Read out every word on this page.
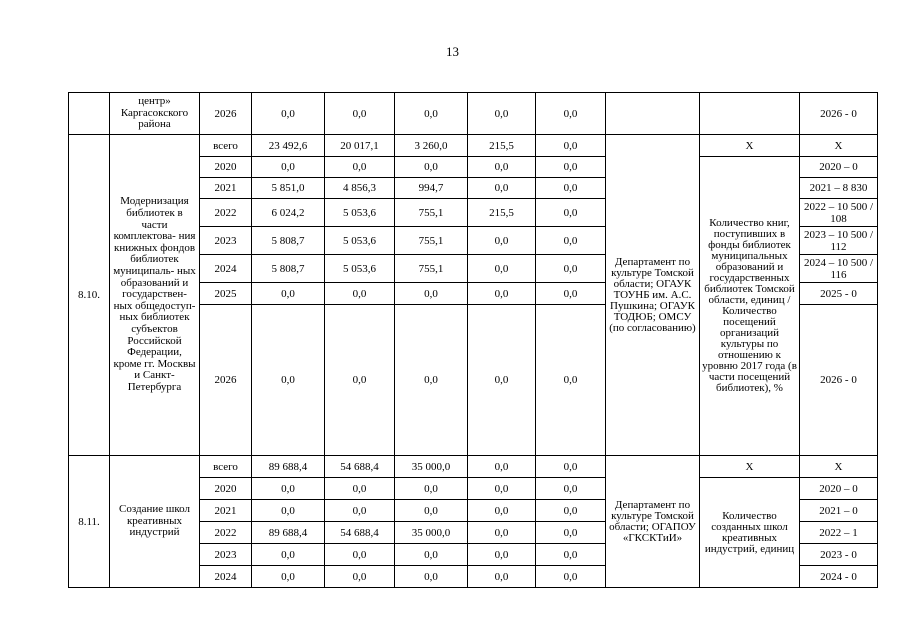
13
	центр» Каргасокского района	2026	0,0	0,0	0,0	0,0	0,0			2026 - 0
8.10.	Модернизация библиотек в части комплектова- ния книжных фондов библиотек муниципаль- ных образований и государствен- ных общедоступ- ных библиотек субъектов Российской Федерации, кроме гг. Москвы и Санкт- Петербурга	всего	23 492,6	20 017,1	3 260,0	215,5	0,0	Департамент по культуре Томской области; ОГАУК ТОУНБ им. А.С. Пушкина; ОГАУК ТОДЮБ; ОМСУ (по согласованию)	X	X
		2020	0,0	0,0	0,0	0,0	0,0		Количество книг, поступивших в фонды библиотек муниципальных образований и государственных библиотек Томской области, единиц / Количество посещений организаций культуры по отношению к уровню 2017 года (в части посещений библиотек), %	2020 – 0
		2021	5 851,0	4 856,3	994,7	0,0	0,0			2021 – 8 830
		2022	6 024,2	5 053,6	755,1	215,5	0,0			2022 – 10 500 / 108
		2023	5 808,7	5 053,6	755,1	0,0	0,0			2023 – 10 500 / 112
		2024	5 808,7	5 053,6	755,1	0,0	0,0			2024 – 10 500 / 116
		2025	0,0	0,0	0,0	0,0	0,0			2025 - 0
		2026	0,0	0,0	0,0	0,0	0,0			2026 - 0
8.11.	Создание школ креативных индустрий	всего	89 688,4	54 688,4	35 000,0	0,0	0,0	Департамент по культуре Томской области; ОГАПОУ «ГКСКТиИ»	X	X
		2020	0,0	0,0	0,0	0,0	0,0		Количество созданных школ креативных индустрий, единиц	2020 – 0
		2021	0,0	0,0	0,0	0,0	0,0			2021 – 0
		2022	89 688,4	54 688,4	35 000,0	0,0	0,0			2022 – 1
		2023	0,0	0,0	0,0	0,0	0,0			2023 - 0
		2024	0,0	0,0	0,0	0,0	0,0			2024 - 0
